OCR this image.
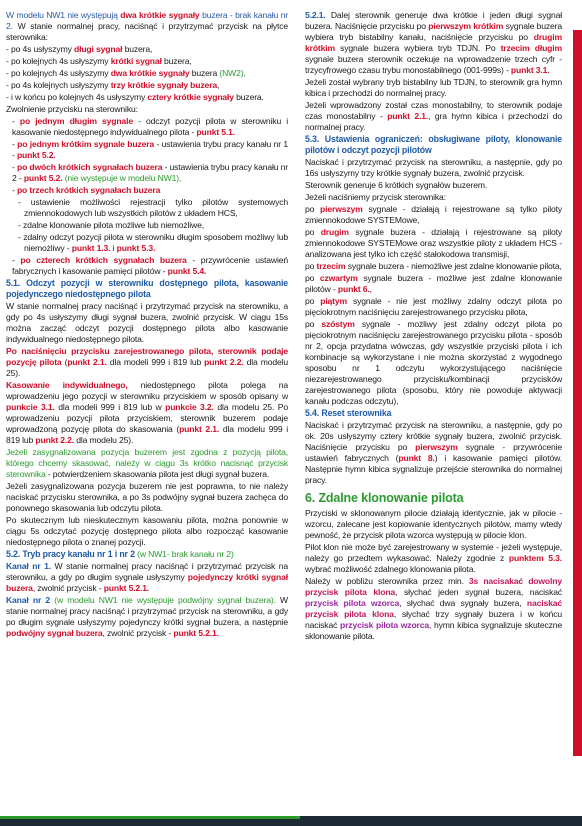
W modelu NW1 nie występują dwa krótkie sygnały buzera - brak kanału nr 2. W stanie normalnej pracy, naciśnąć i przytrzymać przycisk na płytce sterownika:

- po 4s usłyszymy długi sygnał buzera,

- po kolejnych 4s usłyszymy krótki sygnał buzera,

- po kolejnych 4s usłyszymy dwa krótkie sygnały buzera (NW2),

- po 4s kolejnych usłyszymy trzy krótkie sygnały buzera,

- i w końcu po kolejnych 4s usłyszymy cztery krótkie sygnały buzera.

Zwolnienie przycisku na sterowniku:

- po jednym długim sygnale - odczyt pozycji pilota w sterowniku i kasowanie niedostępnego indywidualnego pilota - punkt 5.1.

- po jednym krótkim sygnale buzera - ustawienia trybu pracy kanału nr 1 - punkt 5.2.

- po dwóch krótkich sygnałach buzera - ustawienia trybu pracy kanału nr 2 - punkt 5.2. (nie występuje w modelu NW1),

- po trzech krótkich sygnałach buzera

- ustawienie możliwości rejestracji tylko pilotów systemowych zmiennokodowych lub wszystkich pilotów z układem HCS,

- zdalne klonowanie pilota możliwe lub niemożliwe,

- zdalny odczyt pozycji pilota w sterowniku długim sposobem możliwy lub niemożliwy - punkt 1.3. i punkt 5.3.

- po czterech krótkich sygnałach buzera - przywrócenie ustawień fabrycznych i kasowanie pamięci pilotów - punkt 5.4.

5.1. Odczyt pozycji w sterowniku dostępnego pilota, kasowanie pojedynczego niedostępnego pilota

W stanie normalnej pracy naciśnąć i przytrzymać przycisk na sterowniku, a gdy po 4s usłyszymy długi sygnał buzera, zwolnić przycisk. W ciągu 15s można zacząć odczyt pozycji dostępnego pilota albo kasowanie indywidualnego niedostępnego pilota.

Po naciśnięciu przycisku zarejestrowanego pilota, sterownik podaje pozycję pilota (punkt 2.1. dla modeli 999 i 819 lub punkt 2.2. dla modelu 25).

Kasowanie indywidualnego, niedostępnego pilota polega na wprowadzeniu jego pozycji w sterowniku przyciskiem w sposób opisany w punkcie 3.1. dla modeli 999 i 819 lub w punkcie 3.2. dla modelu 25. Po wprowadzeniu pozycji pilota przyciskiem, sterownik buzerem podaje wprowadzoną pozycję pilota do skasowania (punkt 2.1. dla modelu 999 i 819 lub punkt 2.2. dla modelu 25).

Jeżeli zasygnalizowana pozycja buzerem jest zgodna z pozycją pilota, którego chcemy skasować, należy w ciągu 3s krótko nacisnąć przycisk sterownika - potwierdzeniem skasowania pilota jest długi sygnał buzera.

Jeżeli zasygnalizowana pozycja buzerem nie jest poprawna, to nie należy naciskać przycisku sterownika, a po 3s podwójny sygnał buzera zachęca do ponownego skasowania lub odczytu pilota.

Po skutecznym lub nieskutecznym kasowaniu pilota, można ponownie w ciągu 5s odczytać pozycję dostępnego pilota albo rozpocząć kasowanie niedostępnego pilota o znanej pozycji.

5.2. Tryb pracy kanału nr 1 i nr 2 (w NW1- brak kanału nr 2)

Kanał nr 1. W stanie normalnej pracy naciśnąć i przytrzymać przycisk na sterowniku, a gdy po długim sygnale usłyszymy pojedynczy krótki sygnał buzera, zwolnić przycisk - punkt 5.2.1.

Kanał nr 2 (w modelu NW1 nie występuje podwójny sygnał buzera). W stanie normalnej pracy naciśnąć i przytrzymać przycisk na sterowniku, a gdy po długim sygnale usłyszymy pojedynczy krótki sygnał buzera, a następnie podwójny sygnał buzera, zwolnić przycisk - punkt 5.2.1.

5.2.1. Dalej sterownik generuje dwa krótkie i jeden długi sygnał buzera. Naciśnięcie przycisku po pierwszym krótkim sygnale buzera wybiera tryb bistabilny kanału, naciśnięcie przycisku po drugim krótkim sygnale buzera wybiera tryb TDJN. Po trzecim długim sygnale buzera sterownik oczekuje na wprowadzenie trzech cyfr - trzycyfrowego czasu trybu monostabilnego (001-999s) - punkt 3.1.

Jeżeli został wybrany tryb bistabilny lub TDJN, to sterownik gra hymn kibica i przechodzi do normalnej pracy.

Jeżeli wprowadzony został czas monostabilny, to sterownik podaje czas monostabilny - punkt 2.1., gra hymn kibica i przechodzi do normalnej pracy.

5.3. Ustawienia ograniczeń: obsługiwane piloty, klonowanie pilotów i odczyt pozycji pilotów

Naciskać i przytrzymać przycisk na sterowniku, a następnie, gdy po 16s usłyszymy trzy krótkie sygnały buzera, zwolnić przycisk.

Sterownik generuje 6 krótkich sygnałów buzerem.

Jeżeli naciśniemy przycisk sterownika:

po pierwszym sygnale - działają i rejestrowane są tylko piloty zmiennokodowe SYSTEMowe,

po drugim sygnale buzera - działają i rejestrowane są piloty zmiennokodowe SYSTEMowe oraz wszystkie piloty z układem HCS - analizowana jest tylko ich część stałokodowa transmisji,

po trzecim sygnale buzera - niemożliwe jest zdalne klonowanie pilota,

po czwartym sygnale buzera - możliwe jest zdalne klonowanie pilotów - punkt 6.,

po piątym sygnale - nie jest możliwy zdalny odczyt pilota po pięciokrotnym naciśnięciu zarejestrowanego przycisku pilota,

po szóstym sygnale - możliwy jest zdalny odczyt pilota po pięciokrotnym naciśnięciu zarejestrowanego przycisku pilota - sposób nr 2, opcja przydatna wówczas, gdy wszystkie przyciski pilota i ich kombinacje są wykorzystane i nie można skorzystać z wygodnego sposobu nr 1 odczytu wykorzystującego naciśnięcie niezarejestrowanego przycisku/kombinacji przycisków zarejestrowanego pilota (sposobu, który nie powoduje aktywacji kanału podczas odczytu),

5.4. Reset sterownika

Naciskać i przytrzymać przycisk na sterowniku, a następnie, gdy po ok. 20s usłyszymy cztery krótkie sygnały buzera, zwolnić przycisk. Naciśnięcie przycisku po pierwszym sygnale - przywrócenie ustawień fabrycznych (punkt 8.) i kasowanie pamięci pilotów. Następnie hymn kibica sygnalizuje przejście sterownika do normalnej pracy.

6. Zdalne klonowanie pilota

Przyciski w sklonowanym pilocie działają identycznie, jak w pilocie - wzorcu, zalecane jest kopiowanie identycznych pilotów, mamy wtedy pewność, że przycisk pilota wzorca występują w pilocie klon.

Pilot klon nie może być zarejestrowany w systemie - jeżeli występuje, należy go przedtem wykasować. Należy zgodnie z punktem 5.3. wybrać możliwość zdalnego klonowania pilota.

Należy w pobliżu sterownika przez min. 3s nacisakać dowolny przycisk pilota klona, słychać jeden sygnał buzera, naciskać przycisk pilota wzorca, słychać dwa sygnały buzera, naciskać przycisk pilota klona, słychać trzy sygnały buzera i w końcu naciskać przycisk pilota wzorca, hymn kibica sygnalizuje skuteczne sklonowanie pilota.
